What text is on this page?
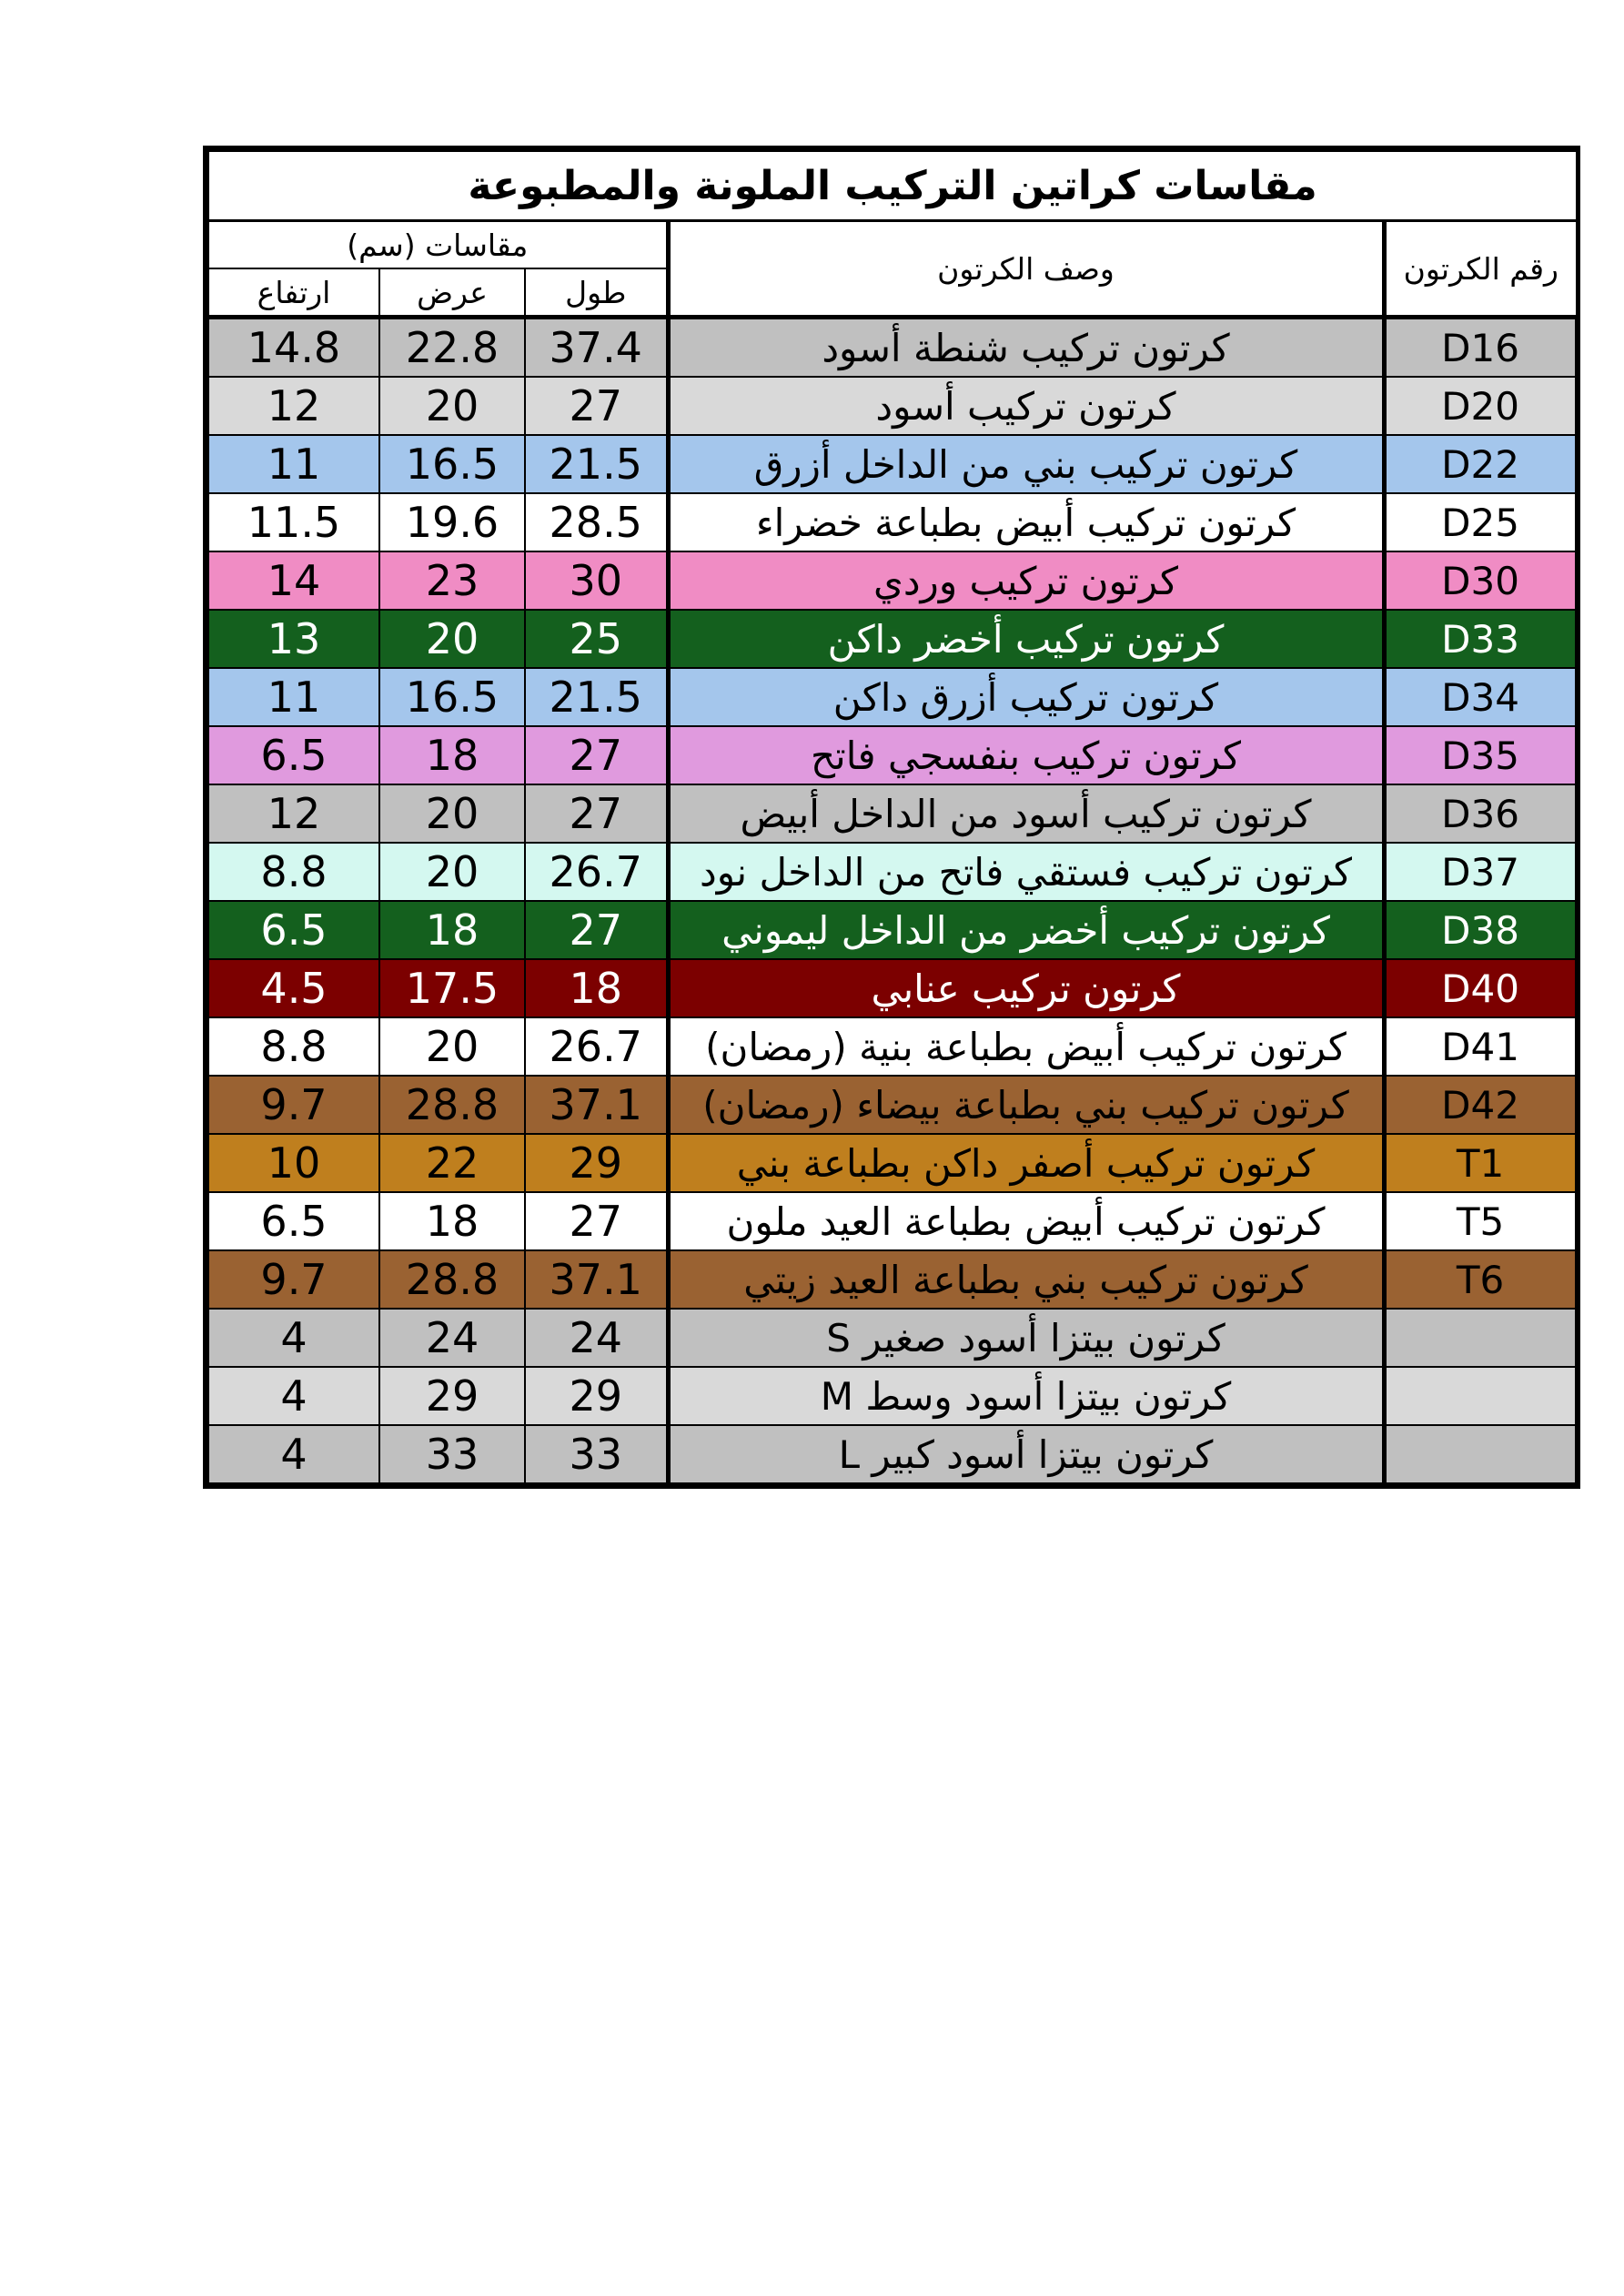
مقاسات كراتين التركيب الملونة والمطبوعة				
مقاسات (سم)			وصف الكرتون	رقم الكرتون
ارتفاع	عرض	طول		
14.8	22.8	37.4	كرتون تركيب شنطة أسود	D16
12	20	27	كرتون تركيب أسود	D20
11	16.5	21.5	كرتون تركيب بني من الداخل أزرق	D22
11.5	19.6	28.5	كرتون تركيب أبيض بطباعة خضراء	D25
14	23	30	كرتون تركيب وردي	D30
13	20	25	كرتون تركيب أخضر داكن	D33
11	16.5	21.5	كرتون تركيب أزرق داكن	D34
6.5	18	27	كرتون تركيب بنفسجي فاتح	D35
12	20	27	كرتون تركيب أسود من الداخل أبيض	D36
8.8	20	26.7	كرتون تركيب فستقي فاتح من الداخل نود	D37
6.5	18	27	كرتون تركيب أخضر من الداخل ليموني	D38
4.5	17.5	18	كرتون تركيب عنابي	D40
8.8	20	26.7	كرتون تركيب أبيض بطباعة بنية (رمضان)	D41
9.7	28.8	37.1	كرتون تركيب بني بطباعة بيضاء (رمضان)	D42
10	22	29	كرتون تركيب أصفر داكن بطباعة بني	T1
6.5	18	27	كرتون تركيب أبيض بطباعة العيد ملون	T5
9.7	28.8	37.1	كرتون تركيب بني بطباعة العيد زيتي	T6
4	24	24	كرتون بيتزا أسود صغير S	
4	29	29	كرتون بيتزا أسود وسط M	
4	33	33	كرتون بيتزا أسود كبير L	
